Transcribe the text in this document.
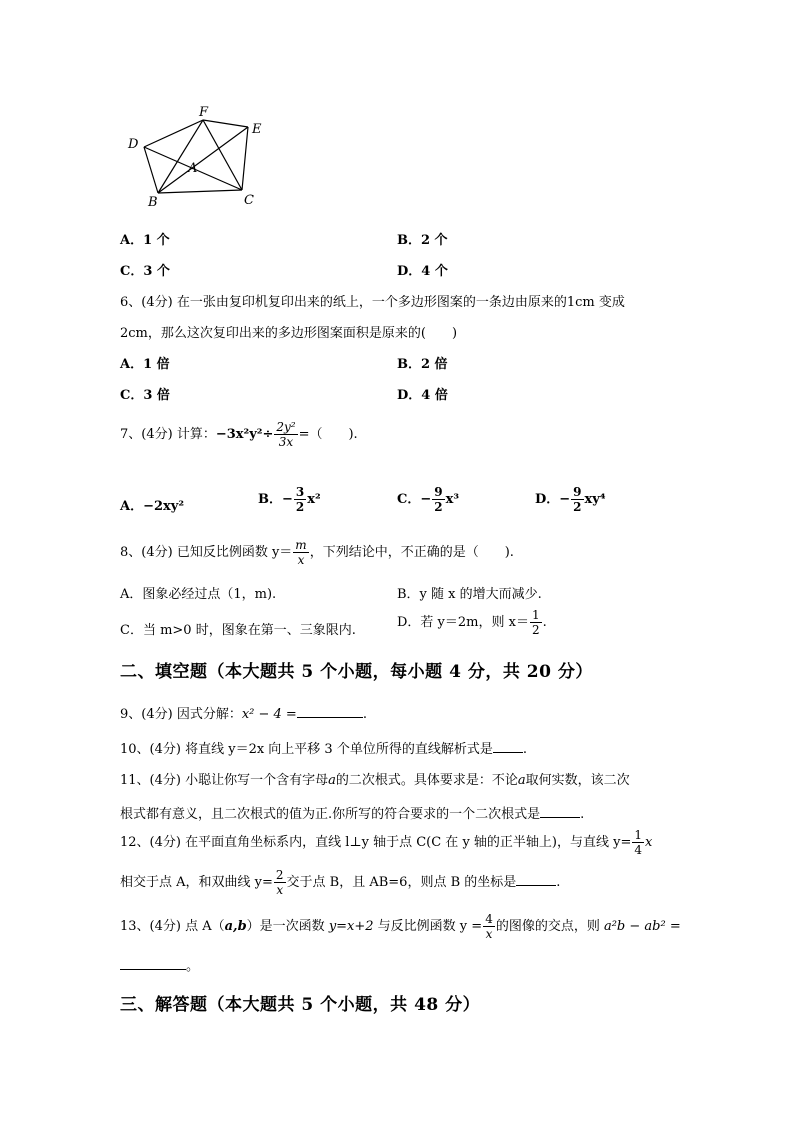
D
F
E
A
B	C
A．1 个	B．2 个
C．3 个	D．4 个
6、(4分) 在一张由复印机复印出来的纸上，一个多边形图案的一条边由原来的1cm 变成
2cm，那么这次复印出来的多边形图案面积是原来的(　　)
A．1 倍	B．2 倍
C．3 倍	D．4 倍
7、(4分) 计算：$-3x^2y^2\div \frac{\text{2y²}}{3x}$ =（　　).
A．−2xy²	B．− $\frac{3}{2} x^2$	C．− $\frac{9}{2} x^3$	D．− $\frac{9}{2} xy^4$
8、(4分) 已知反比例函数 $y= \frac{m}{x}$ ，下列结论中，不正确的是（　　).
A．图象必经过点（1，m).	B．y 随 x 的增大而减少.
C．当 m>0 时，图象在第一、三象限内.
D．若 y＝2m，则 $x= \frac{1}{2}$ .
二、填空题（本大题共 5 个小题，每小题 4 分，共 20 分）
9、(4分) 因式分解：x² − 4 =	.
10、(4分) 将直线 y＝2x 向上平移 3 个单位所得的直线解析式是 .
11、(4分) 小聪让你写一个含有字母a的二次根式。具体要求是：不论a取何实数，该二次
根式都有意义，且二次根式的值为正.你所写的符合要求的一个二次根式是	.
12、(4分) 在平面直角坐标系内，直线 l⊥y 轴于点 C(C 在 y 轴的正半轴上)，与直线 $y= \frac{1}{4}$ x
相交于点 A，和双曲线 $y= \frac{2}{x}$ 交于点 B，且 AB=6，则点 B 的坐标是	.
13、(4分) 点 A（a,b）是一次函数 y=x+2 与反比例函数 $y = \frac{4}{x}$ 的图像的交点，则 a²b − ab² =
。
三、解答题（本大题共 5 个小题，共 48 分）
